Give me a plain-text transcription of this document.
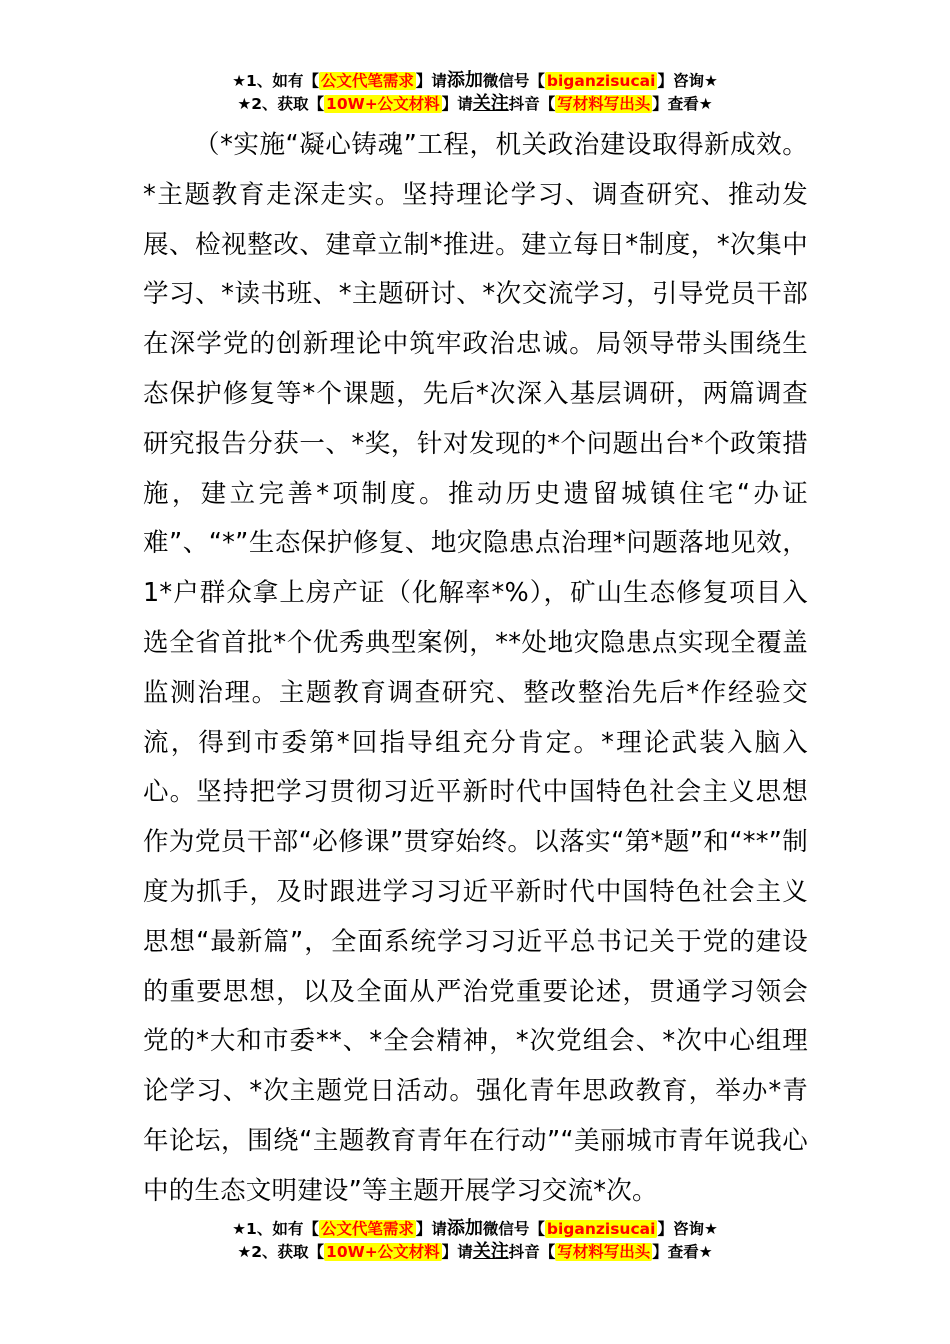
★1、如有【 公文代笔需求 】请添加微信号【 biganzisucai 】咨询★
★2、获取【 10W+公文材料 】请关注抖音【 写材料写出头 】查看★
（*实施“凝心铸魂”工程，机关政治建设取得新成效。*主题教育走深走实。坚持理论学习、调查研究、推动发展、检视整改、建章立制*推进。建立每日*制度，*次集中学习、*读书班、*主题研讨、*次交流学习，引导党员干部在深学党的创新理论中筑牢政治忠诚。局领导带头围绕生态保护修复等*个课题，先后*次深入基层调研，两篇调查研究报告分获一、*奖，针对发现的*个问题出台*个政策措施，建立完善*项制度。推动历史遗留城镇住宅“办证难”、“*”生态保护修复、地灾隐患点治理*问题落地见效，1*户群众拿上房产证（化解率*%），矿山生态修复项目入选全省首批*个优秀典型案例，**处地灾隐患点实现全覆盖监测治理。主题教育调查研究、整改整治先后*作经验交流，得到市委第*回指导组充分肯定。*理论武装入脑入心。坚持把学习贯彻习近平新时代中国特色社会主义思想作为党员干部“必修课”贯穿始终。以落实“第*题”和“**”制度为抓手，及时跟进学习习近平新时代中国特色社会主义思想“最新篇”，全面系统学习习近平总书记关于党的建设的重要思想，以及全面从严治党重要论述，贯通学习领会党的*大和市委**、*全会精神，*次党组会、*次中心组理论学习、*次主题党日活动。强化青年思政教育，举办*青年论坛，围绕“主题教育青年在行动”“美丽城市青年说我心中的生态文明建设”等主题开展学习交流*次。
★1、如有【 公文代笔需求 】请添加微信号【 biganzisucai 】咨询★
★2、获取【 10W+公文材料 】请关注抖音【 写材料写出头 】查看★
